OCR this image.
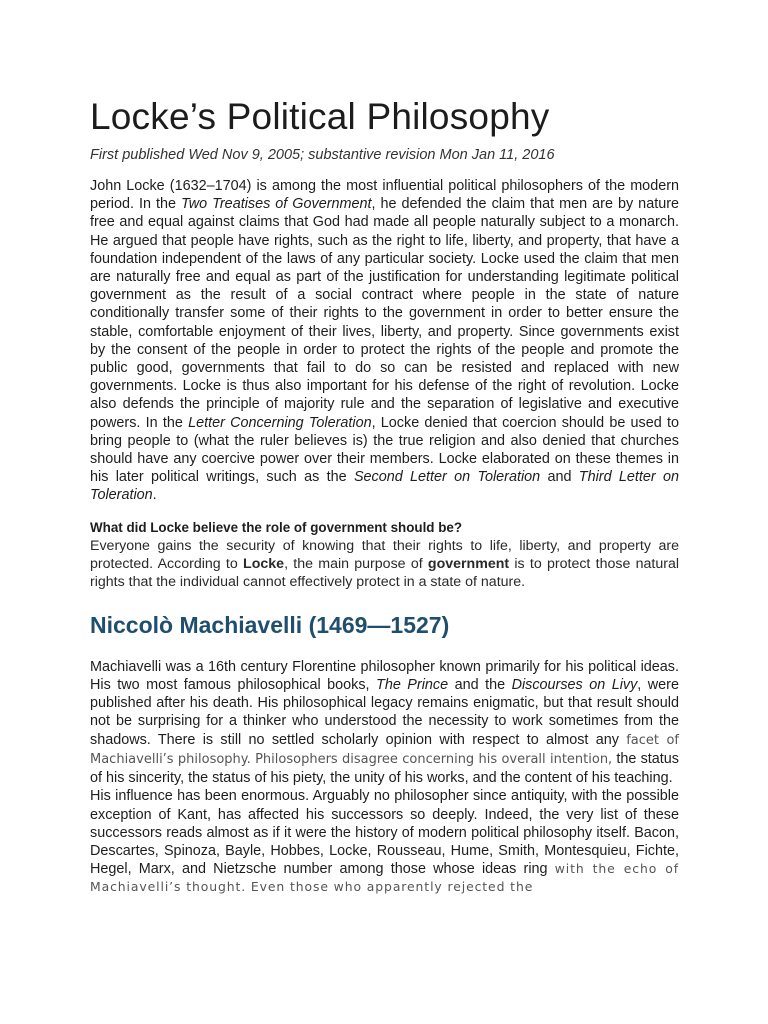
Locke’s Political Philosophy

First published Wed Nov 9, 2005; substantive revision Mon Jan 11, 2016

John Locke (1632–1704) is among the most influential political philosophers of the modern period. In the Two Treatises of Government, he defended the claim that men are by nature free and equal against claims that God had made all people naturally subject to a monarch. He argued that people have rights, such as the right to life, liberty, and property, that have a foundation independent of the laws of any particular society. Locke used the claim that men are naturally free and equal as part of the justification for understanding legitimate political government as the result of a social contract where people in the state of nature conditionally transfer some of their rights to the government in order to better ensure the stable, comfortable enjoyment of their lives, liberty, and property. Since governments exist by the consent of the people in order to protect the rights of the people and promote the public good, governments that fail to do so can be resisted and replaced with new governments. Locke is thus also important for his defense of the right of revolution. Locke also defends the principle of majority rule and the separation of legislative and executive powers. In the Letter Concerning Toleration, Locke denied that coercion should be used to bring people to (what the ruler believes is) the true religion and also denied that churches should have any coercive power over their members. Locke elaborated on these themes in his later political writings, such as the Second Letter on Toleration and Third Letter on Toleration.

What did Locke believe the role of government should be?

Everyone gains the security of knowing that their rights to life, liberty, and property are protected. According to Locke, the main purpose of government is to protect those natural rights that the individual cannot effectively protect in a state of nature.

Niccolò Machiavelli (1469—1527)

Machiavelli was a 16th century Florentine philosopher known primarily for his political ideas. His two most famous philosophical books, The Prince and the Discourses on Livy, were published after his death. His philosophical legacy remains enigmatic, but that result should not be surprising for a thinker who understood the necessity to work sometimes from the shadows. There is still no settled scholarly opinion with respect to almost any facet of Machiavelli’s philosophy. Philosophers disagree concerning his overall intention, the status of his sincerity, the status of his piety, the unity of his works, and the content of his teaching.

His influence has been enormous. Arguably no philosopher since antiquity, with the possible exception of Kant, has affected his successors so deeply. Indeed, the very list of these successors reads almost as if it were the history of modern political philosophy itself. Bacon, Descartes, Spinoza, Bayle, Hobbes, Locke, Rousseau, Hume, Smith, Montesquieu, Fichte, Hegel, Marx, and Nietzsche number among those whose ideas ring with the echo of Machiavelli’s thought. Even those who apparently rejected the
